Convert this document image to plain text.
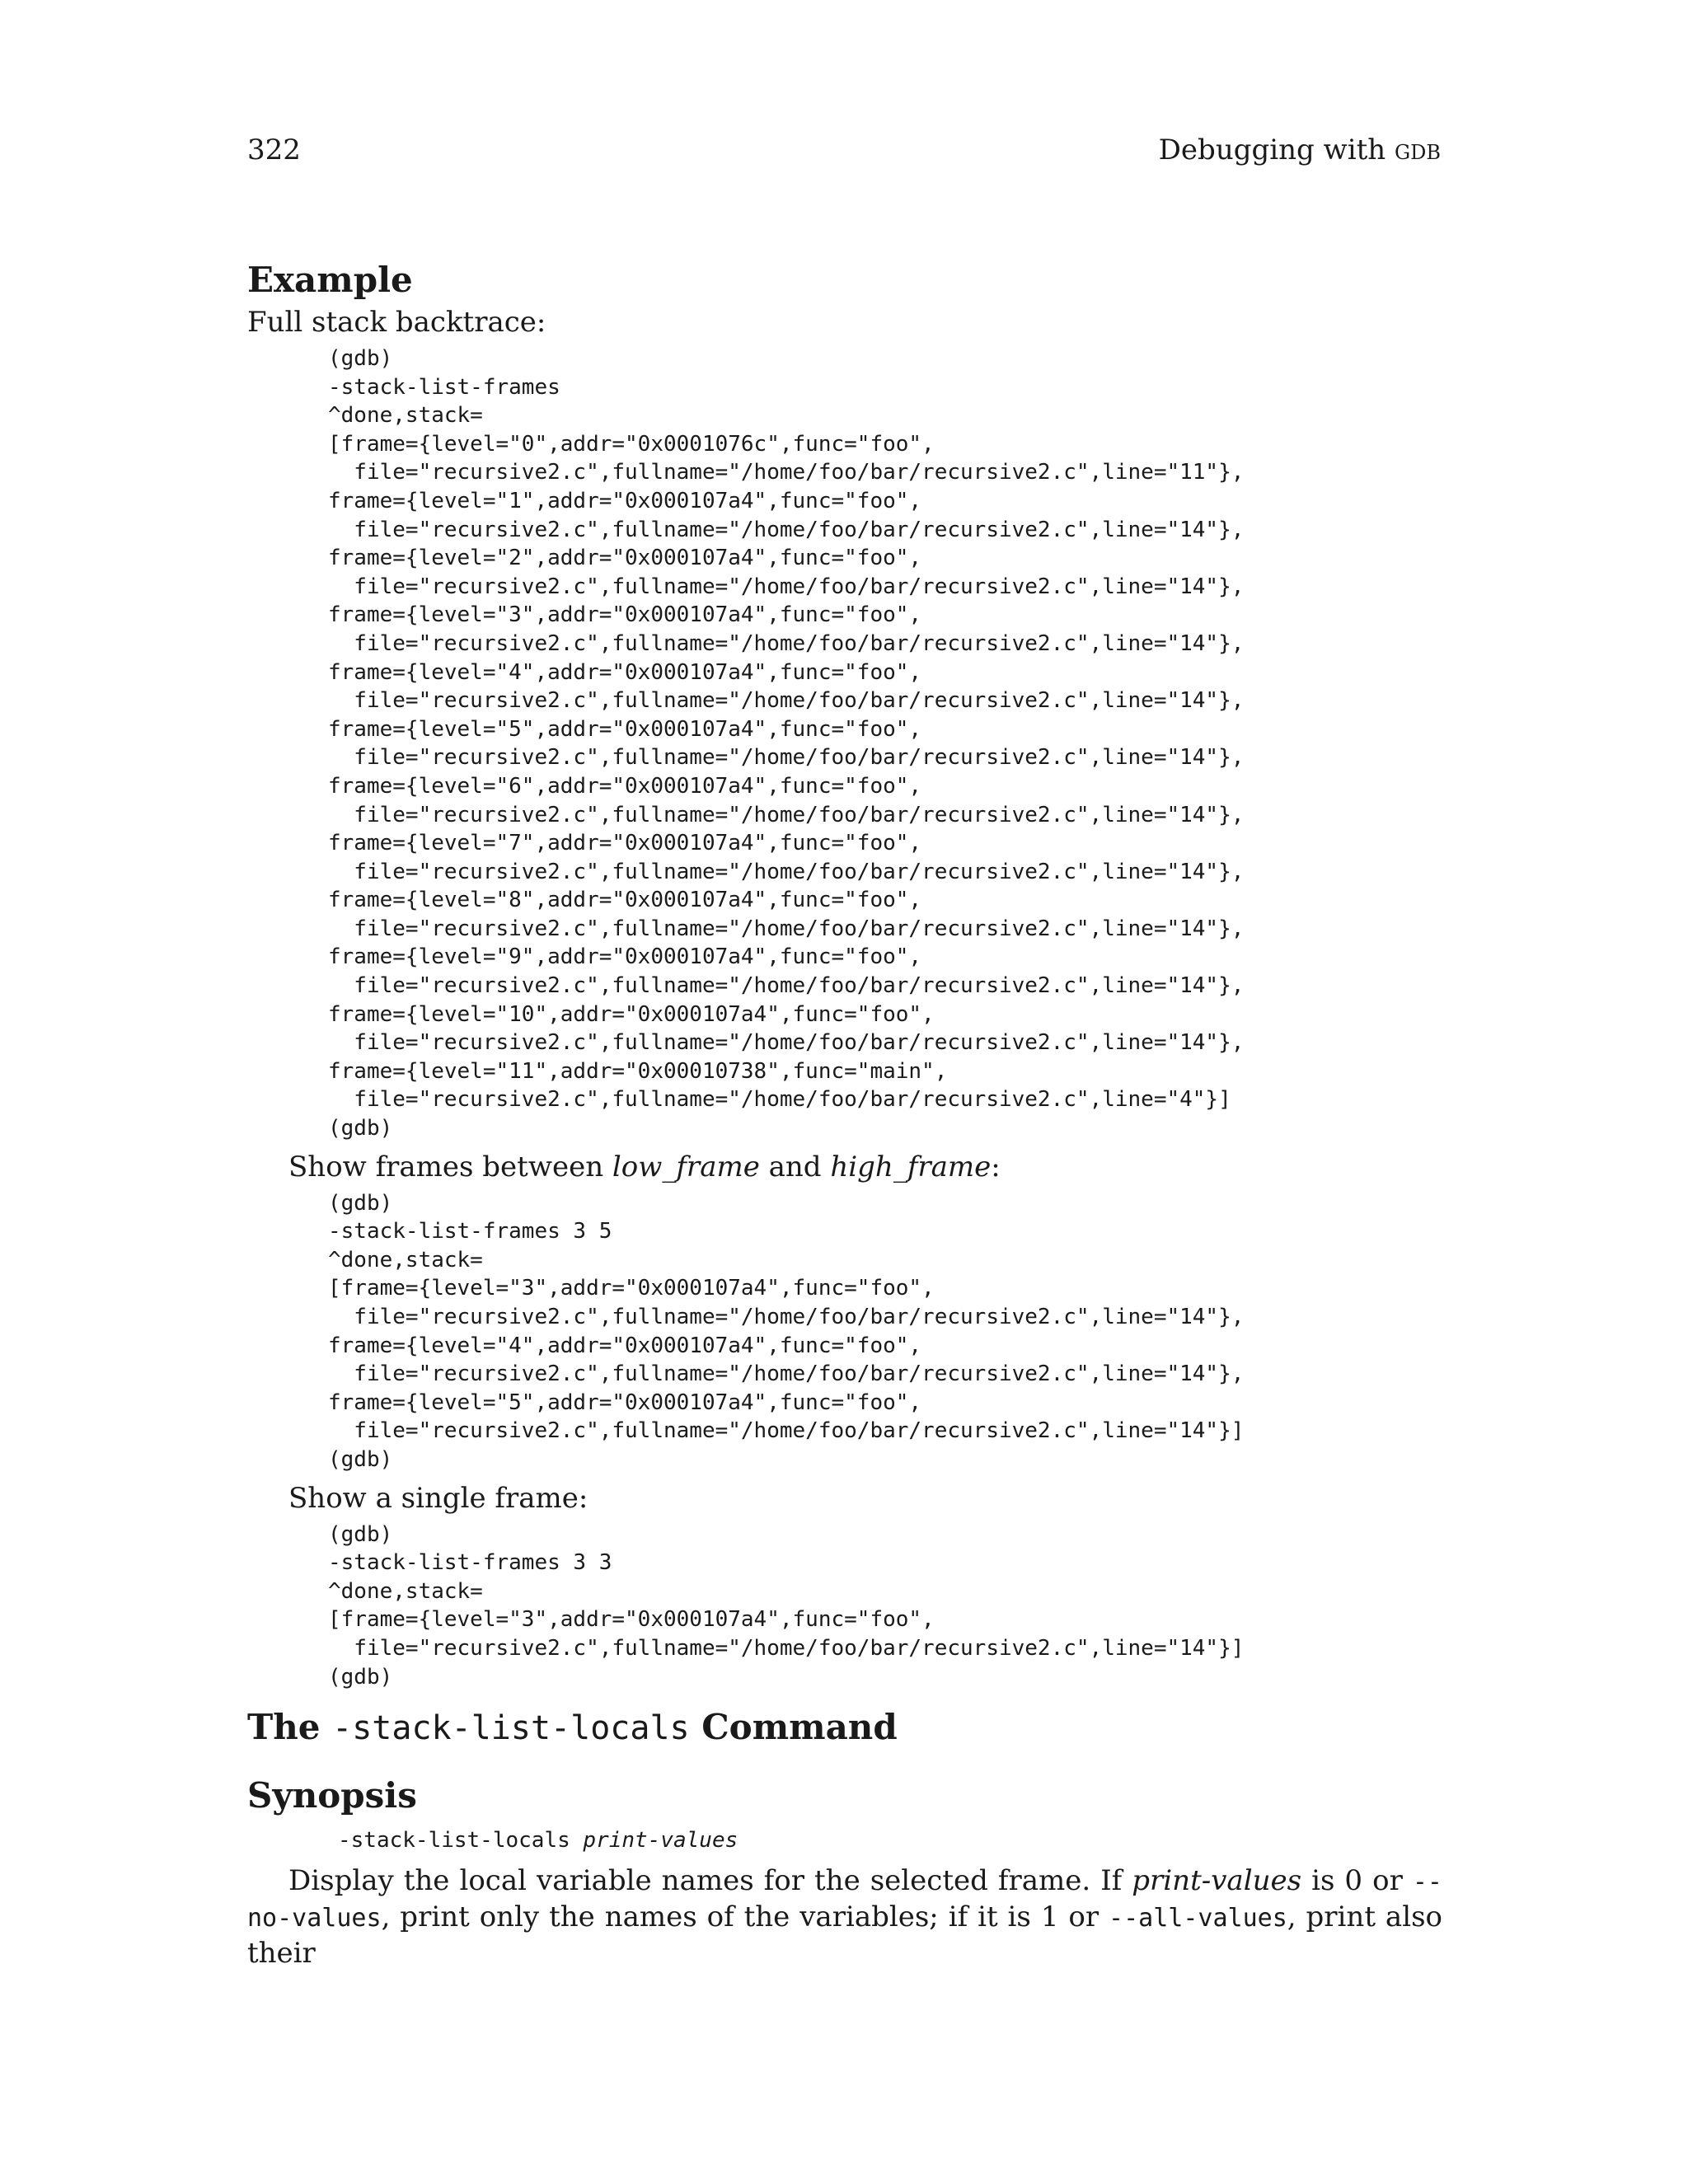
322	Debugging with gdb
Example

Full stack backtrace:

(gdb)
-stack-list-frames
^done,stack=
[frame={level="0",addr="0x0001076c",func="foo",
file="recursive2.c",fullname="/home/foo/bar/recursive2.c",line="11"},
frame={level="1",addr="0x000107a4",func="foo",
file="recursive2.c",fullname="/home/foo/bar/recursive2.c",line="14"},
frame={level="2",addr="0x000107a4",func="foo",
file="recursive2.c",fullname="/home/foo/bar/recursive2.c",line="14"},
frame={level="3",addr="0x000107a4",func="foo",
file="recursive2.c",fullname="/home/foo/bar/recursive2.c",line="14"},
frame={level="4",addr="0x000107a4",func="foo",
file="recursive2.c",fullname="/home/foo/bar/recursive2.c",line="14"},
frame={level="5",addr="0x000107a4",func="foo",
file="recursive2.c",fullname="/home/foo/bar/recursive2.c",line="14"},
frame={level="6",addr="0x000107a4",func="foo",
file="recursive2.c",fullname="/home/foo/bar/recursive2.c",line="14"},
frame={level="7",addr="0x000107a4",func="foo",
file="recursive2.c",fullname="/home/foo/bar/recursive2.c",line="14"},
frame={level="8",addr="0x000107a4",func="foo",
file="recursive2.c",fullname="/home/foo/bar/recursive2.c",line="14"},
frame={level="9",addr="0x000107a4",func="foo",
file="recursive2.c",fullname="/home/foo/bar/recursive2.c",line="14"},
frame={level="10",addr="0x000107a4",func="foo",
file="recursive2.c",fullname="/home/foo/bar/recursive2.c",line="14"},
frame={level="11",addr="0x00010738",func="main",
file="recursive2.c",fullname="/home/foo/bar/recursive2.c",line="4"}]
(gdb)

Show frames between low_frame and high_frame:

(gdb)
-stack-list-frames 3 5
^done,stack=
[frame={level="3",addr="0x000107a4",func="foo",
file="recursive2.c",fullname="/home/foo/bar/recursive2.c",line="14"},
frame={level="4",addr="0x000107a4",func="foo",
file="recursive2.c",fullname="/home/foo/bar/recursive2.c",line="14"},
frame={level="5",addr="0x000107a4",func="foo",
file="recursive2.c",fullname="/home/foo/bar/recursive2.c",line="14"}]
(gdb)

Show a single frame:

(gdb)
-stack-list-frames 3 3
^done,stack=
[frame={level="3",addr="0x000107a4",func="foo",
file="recursive2.c",fullname="/home/foo/bar/recursive2.c",line="14"}]
(gdb)
The -stack-list-locals Command
Synopsis
-stack-list-locals print-values

Display the local variable names for the selected frame. If print-values is 0 or --no-values, print only the names of the variables; if it is 1 or --all-values, print also their
